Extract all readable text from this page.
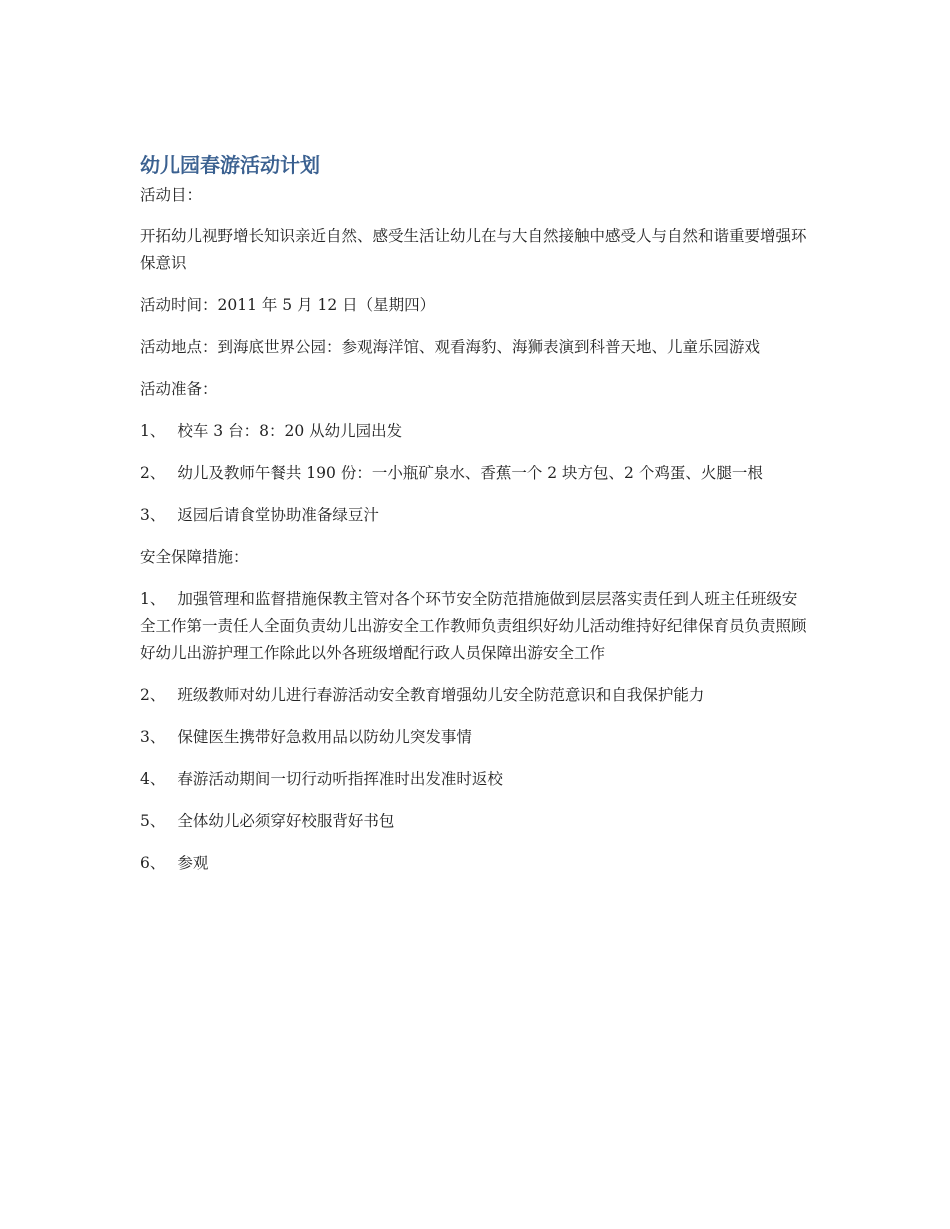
幼儿园春游活动计划

活动目：

开拓幼儿视野增长知识亲近自然、感受生活让幼儿在与大自然接触中感受人与自然和谐重要增强环保意识

活动时间：2011 年 5 月 12 日（星期四）

活动地点：到海底世界公园：参观海洋馆、观看海豹、海狮表演到科普天地、儿童乐园游戏

活动准备：

1、 校车 3 台：8：20 从幼儿园出发

2、 幼儿及教师午餐共 190 份：一小瓶矿泉水、香蕉一个 2 块方包、2 个鸡蛋、火腿一根

3、 返园后请食堂协助准备绿豆汁

安全保障措施：

1、 加强管理和监督措施保教主管对各个环节安全防范措施做到层层落实责任到人班主任班级安全工作第一责任人全面负责幼儿出游安全工作教师负责组织好幼儿活动维持好纪律保育员负责照顾好幼儿出游护理工作除此以外各班级增配行政人员保障出游安全工作

2、 班级教师对幼儿进行春游活动安全教育增强幼儿安全防范意识和自我保护能力

3、 保健医生携带好急救用品以防幼儿突发事情

4、 春游活动期间一切行动听指挥准时出发准时返校

5、 全体幼儿必须穿好校服背好书包

6、 参观
